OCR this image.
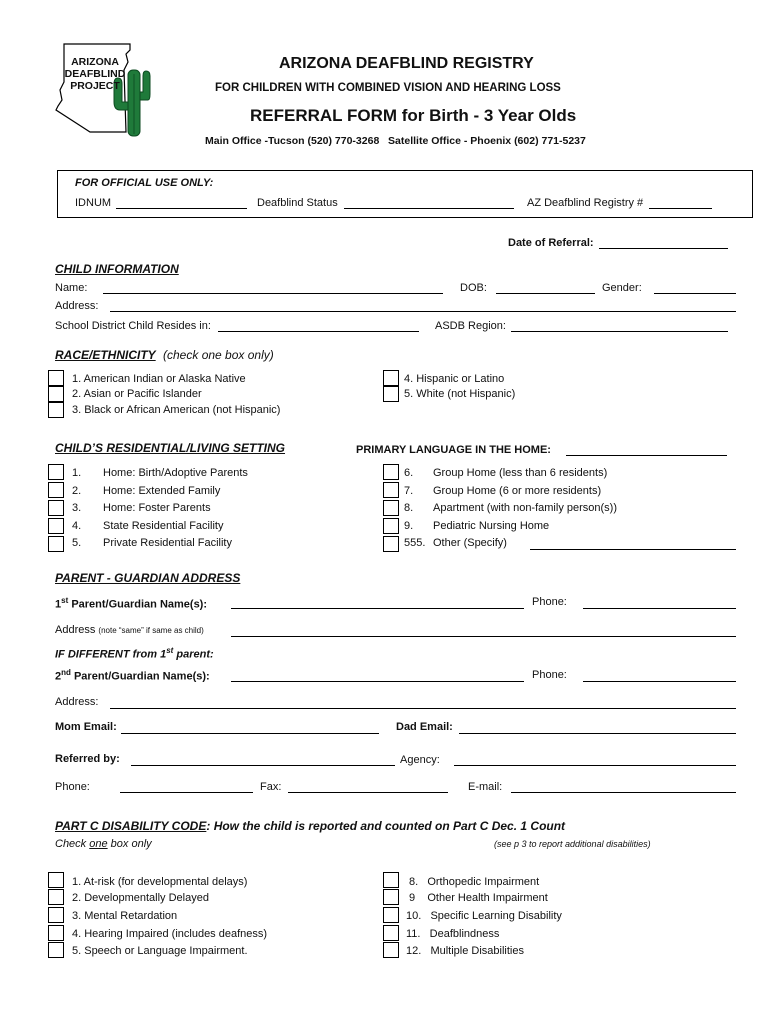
ARIZONA
DEAFBLIND
PROJECT
ARIZONA DEAFBLIND REGISTRY
FOR CHILDREN WITH COMBINED VISION AND HEARING LOSS
REFERRAL FORM for Birth - 3 Year Olds
Main Office -Tucson (520) 770-3268   Satellite Office - Phoenix (602) 771-5237
FOR OFFICIAL USE ONLY:
IDNUM	Deafblind Status	AZ Deafblind Registry #
Date of Referral:
CHILD INFORMATION
Name:	DOB:	Gender:
Address:
School District Child Resides in:	ASDB Region:
RACE/ETHNICITY (check one box only)
1. American Indian or Alaska Native
2. Asian or Pacific Islander
3. Black or African American (not Hispanic)
4. Hispanic or Latino
5. White (not Hispanic)
CHILD’S RESIDENTIAL/LIVING SETTING	PRIMARY LANGUAGE IN THE HOME:
1. Home: Birth/Adoptive Parents
2. Home: Extended Family
3. Home: Foster Parents
4. State Residential Facility
5. Private Residential Facility
6. Group Home (less than 6 residents)
7. Group Home (6 or more residents)
8. Apartment (with non-family person(s))
9. Pediatric Nursing Home
555. Other (Specify)
PARENT - GUARDIAN ADDRESS
1st Parent/Guardian Name(s):	Phone:
Address (note “same” if same as child)
IF DIFFERENT from 1st parent:
2nd Parent/Guardian Name(s):	Phone:
Address:
Mom Email:	Dad Email:
Referred by:	Agency:
Phone:	Fax:	E-mail:
PART C DISABILITY CODE: How the child is reported and counted on Part C Dec. 1 Count
Check one box only	(see p 3 to report additional disabilities)
1. At-risk (for developmental delays)
2. Developmentally Delayed
3. Mental Retardation
4. Hearing Impaired (includes deafness)
5. Speech or Language Impairment.
8.   Orthopedic Impairment
9    Other Health Impairment
10.   Specific Learning Disability
11.   Deafblindness
12.   Multiple Disabilities
